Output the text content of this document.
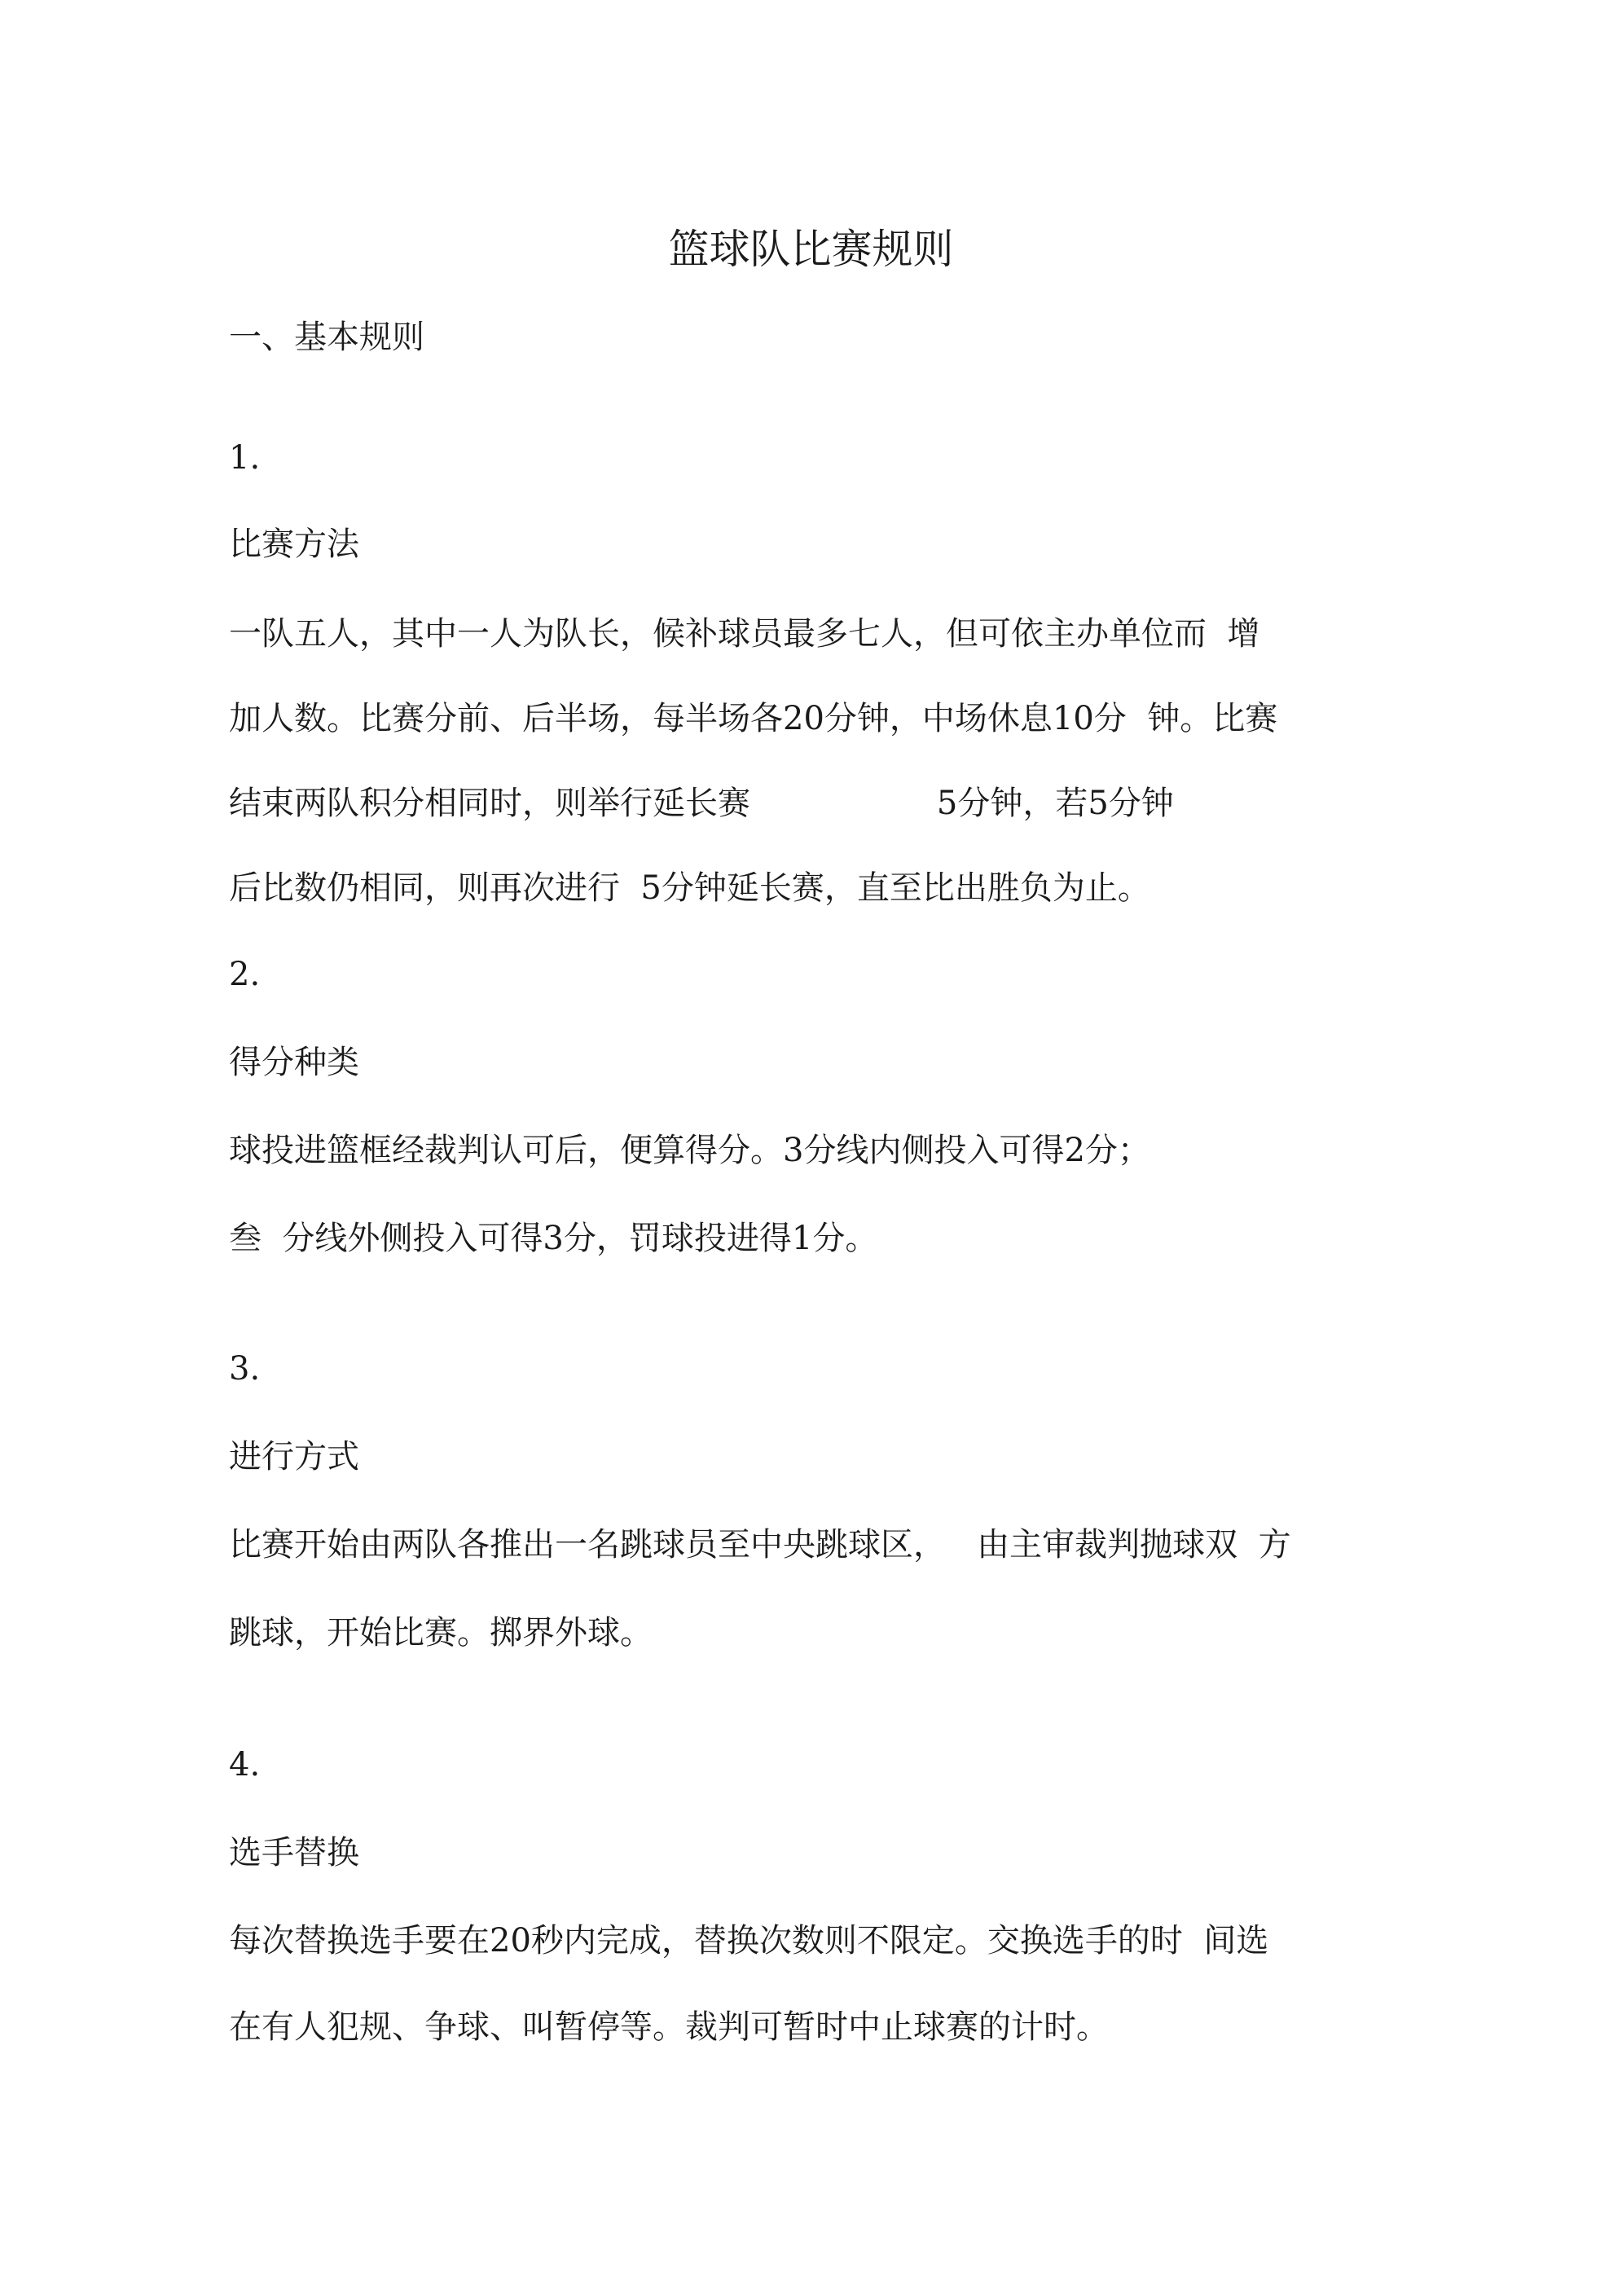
篮球队比赛规则
一、基本规则
1.
比赛方法
一队五人，其中一人为队长，候补球员最多七人，但可依主办单位而  增
加人数。比赛分前、后半场，每半场各20分钟，中场休息10分  钟。比赛
结束两队积分相同时，则举行延长赛                  5分钟，若5分钟
后比数仍相同，则再次进行  5分钟延长赛，直至比出胜负为止。
2.
得分种类
球投进篮框经裁判认可后，便算得分。3分线内侧投入可得2分；
叁  分线外侧投入可得3分，罚球投进得1分。
3.
进行方式
比赛开始由两队各推出一名跳球员至中央跳球区，   由主审裁判抛球双  方
跳球，开始比赛。掷界外球。
4.
选手替换
每次替换选手要在20秒内完成，替换次数则不限定。交换选手的时  间选
在有人犯规、争球、叫暂停等。裁判可暂时中止球赛的计时。
